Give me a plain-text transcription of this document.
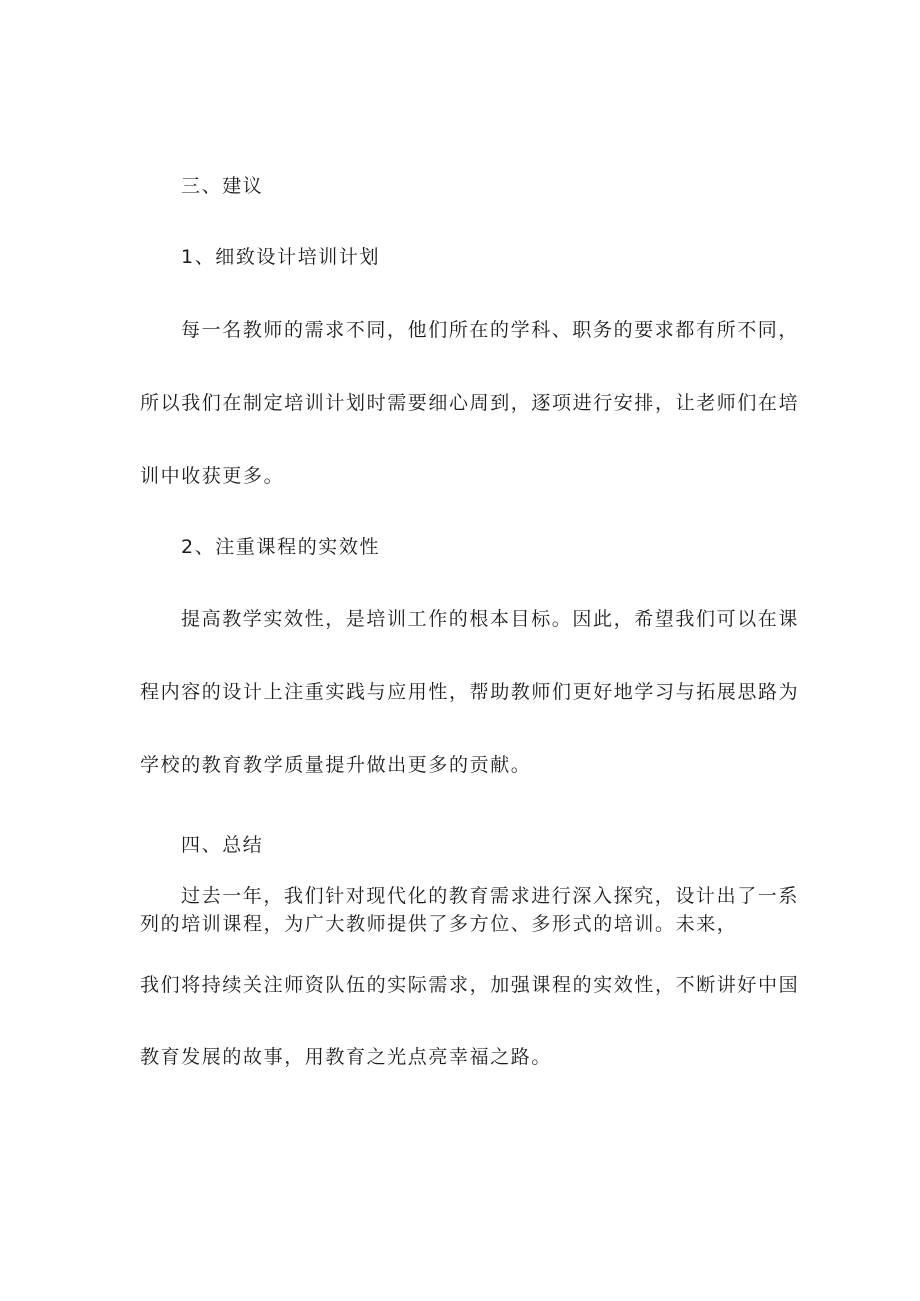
三、建议
1、细致设计培训计划
每一名教师的需求不同，他们所在的学科、职务的要求都有所不同，
所以我们在制定培训计划时需要细心周到，逐项进行安排，让老师们在培
训中收获更多。
2、注重课程的实效性
提高教学实效性，是培训工作的根本目标。因此，希望我们可以在课
程内容的设计上注重实践与应用性，帮助教师们更好地学习与拓展思路为
学校的教育教学质量提升做出更多的贡献。
四、总结
过去一年，我们针对现代化的教育需求进行深入探究，设计出了一系
列的培训课程，为广大教师提供了多方位、多形式的培训。未来，
我们将持续关注师资队伍的实际需求，加强课程的实效性，不断讲好中国
教育发展的故事，用教育之光点亮幸福之路。
